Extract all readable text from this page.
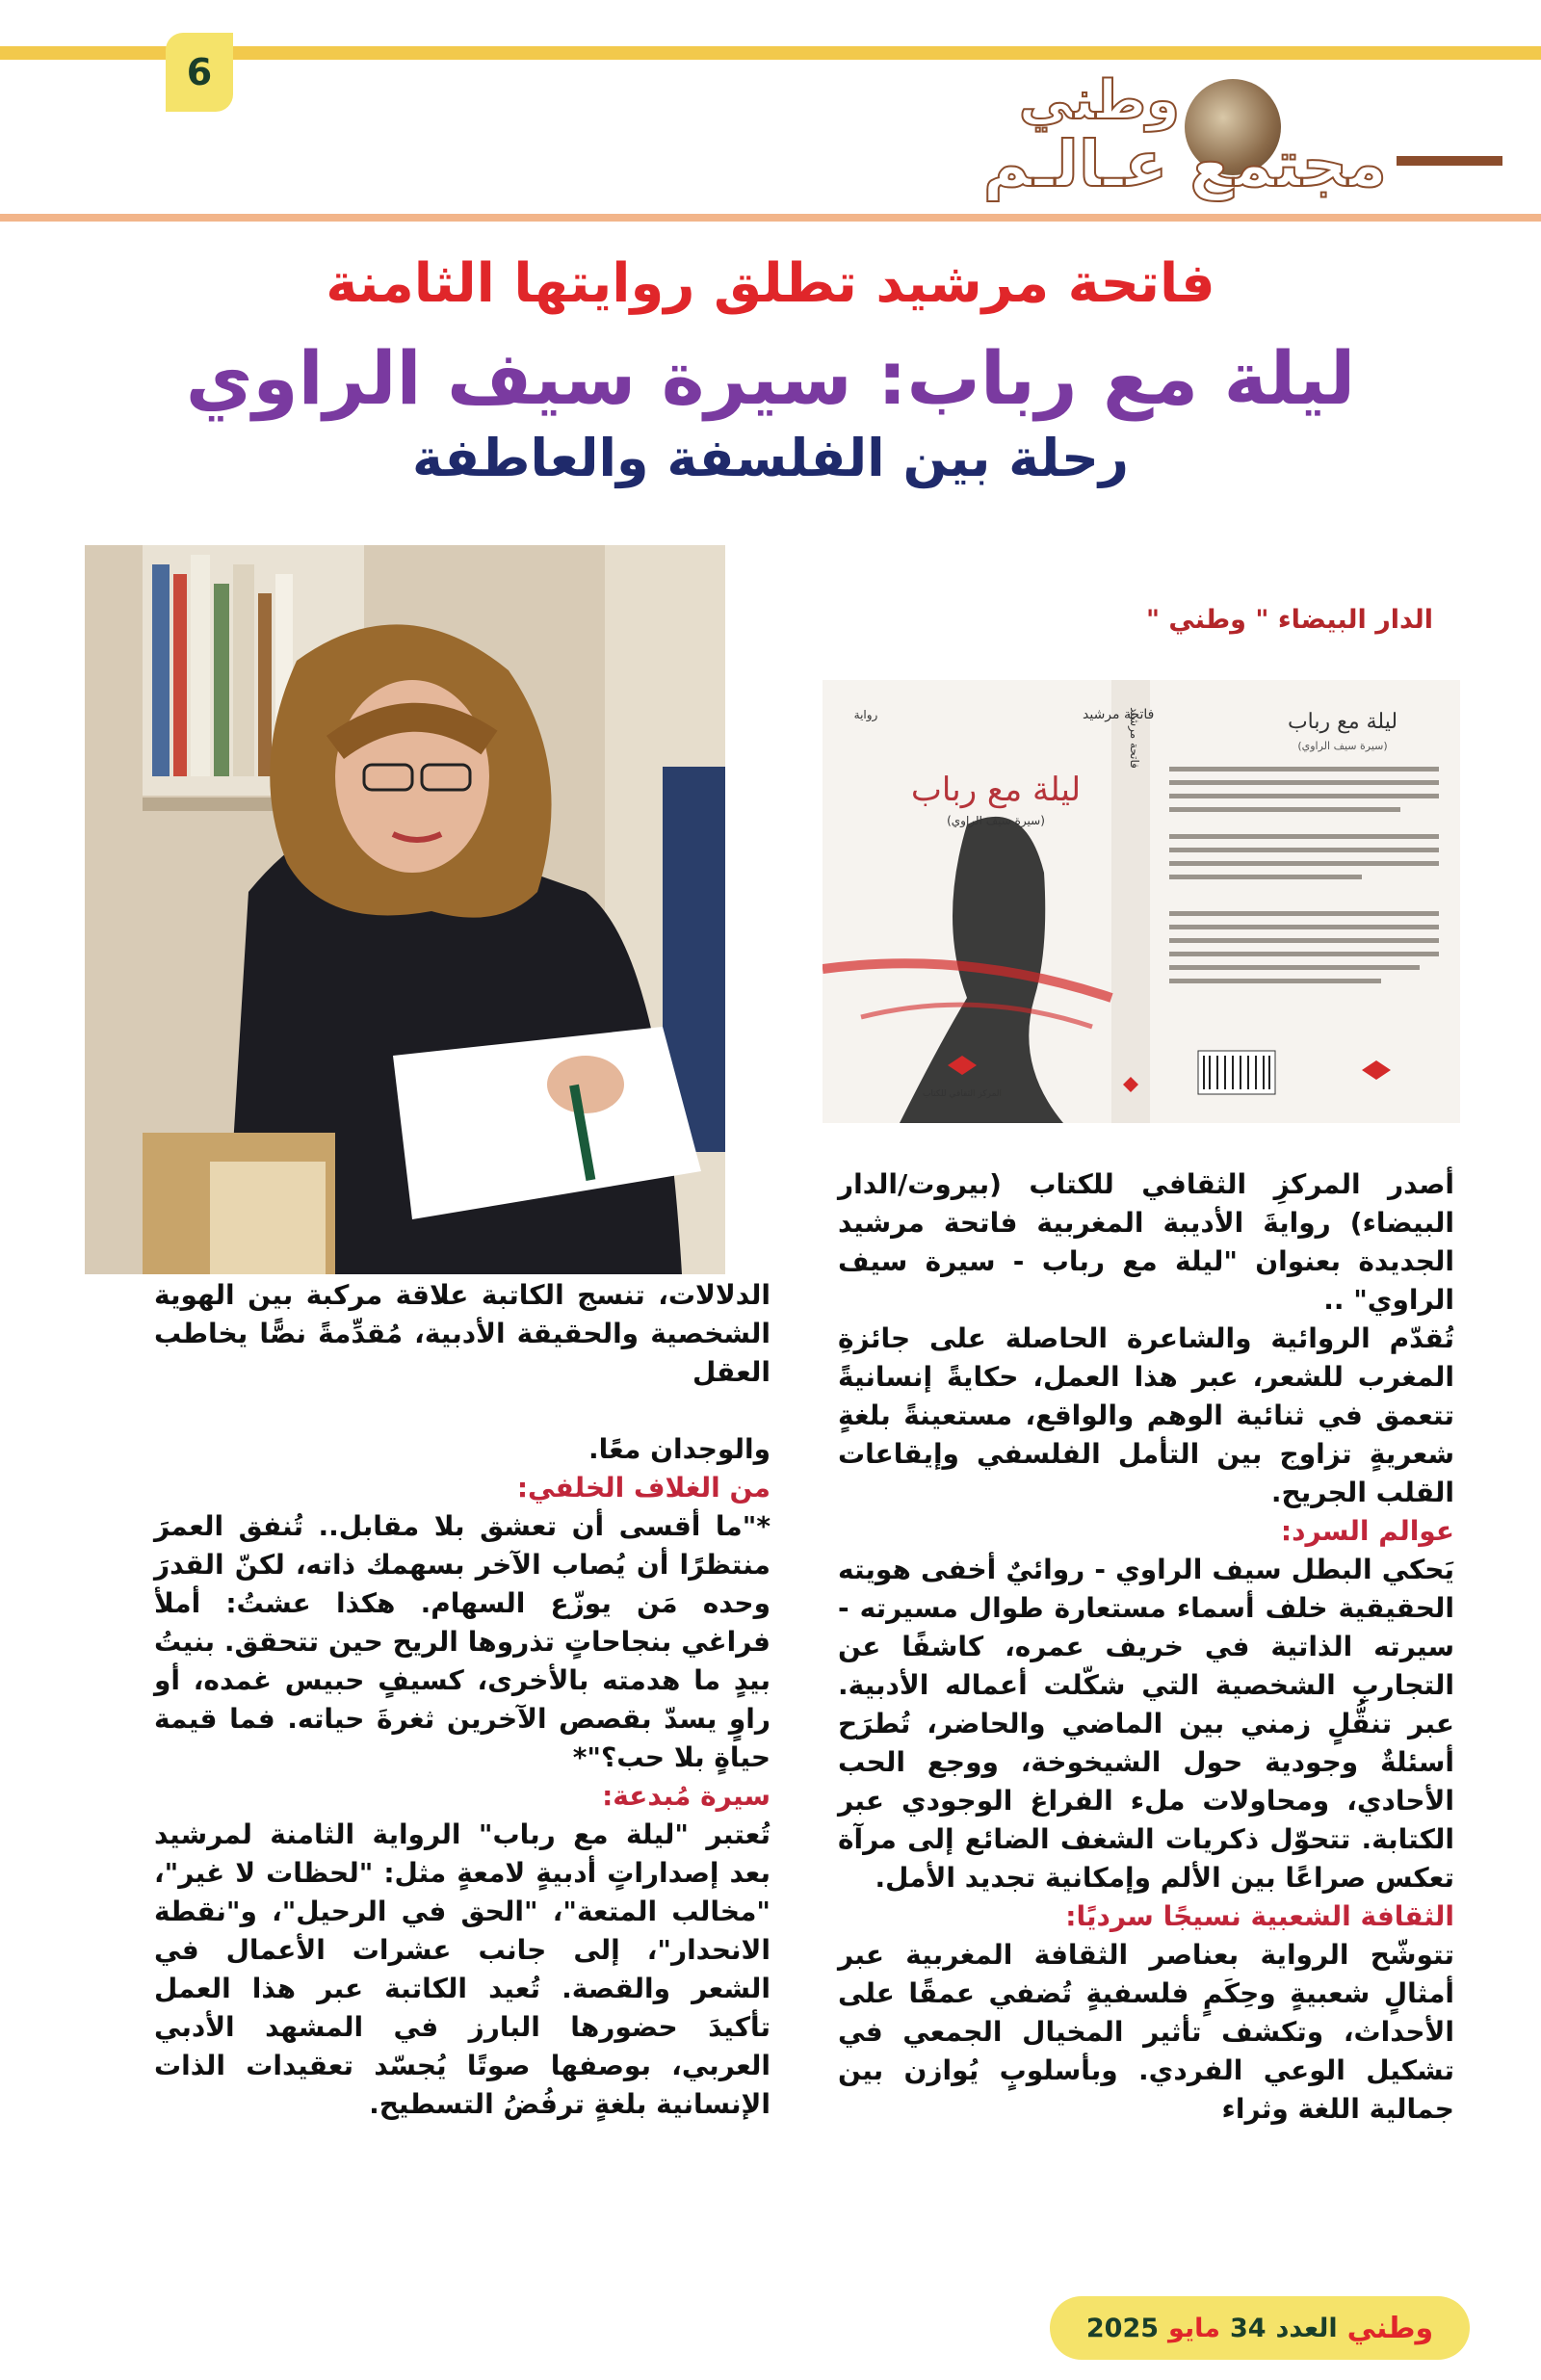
6	وطني
مجتمع عـالـم
فاتحة مرشيد تطلق روايتها الثامنة
ليلة مع رباب: سيرة سيف الراوي
رحلة بين الفلسفة والعاطفة
الدار البيضاء " وطني "
فاتحة مرشيد
رواية
ليلة مع رباب
(سيرة سيف الراوي)
فاتحة مرشيد	ليلة مع رباب
(سيرة سيف الراوي)
المركز الثقافي للكتاب

أصدر المركزِ الثقافي للكتاب (بيروت/الدار البيضاء) روايةَ الأديبة المغربية فاتحة مرشيد الجديدة بعنوان "ليلة مع رباب - سيرة سيف الراوي" ..

تُقدّم الروائية والشاعرة الحاصلة على جائزةِ المغرب للشعر، عبر هذا العمل، حكايةً إنسانيةً تتعمق في ثنائية الوهم والواقع، مستعينةً بلغةٍ شعريةٍ تزاوج بين التأمل الفلسفي وإيقاعات القلب الجريح.

عوالم السرد:

يَحكي البطل سيف الراوي - روائيٌ أخفى هويته الحقيقية خلف أسماء مستعارة طوال مسيرته - سيرته الذاتية في خريف عمره، كاشفًا عن التجاربِ الشخصية التي شكّلت أعماله الأدبية. عبر تنقُّلٍ زمني بين الماضي والحاضر، تُطرَح أسئلةٌ وجودية حول الشيخوخة، ووجع الحب الأحادي، ومحاولات ملء الفراغ الوجودي عبر الكتابة. تتحوّل ذكريات الشغف الضائع إلى مرآة تعكس صراعًا بين الألم وإمكانية تجديد الأمل.

الثقافة الشعبية نسيجًا سرديًا:

تتوشّح الرواية بعناصر الثقافة المغربية عبر أمثالٍ شعبيةٍ وحِكَمٍ فلسفيةٍ تُضفي عمقًا على الأحداث، وتكشف تأثير المخيال الجمعي في تشكيل الوعي الفردي. وبأسلوبٍ يُوازن بين جمالية اللغة وثراء

الدلالات، تنسج الكاتبة علاقة مركبة بين الهوية الشخصية والحقيقة الأدبية، مُقدِّمةً نصًّا يخاطب العقل

والوجدان معًا.

من الغلاف الخلفي:

*"ما أقسى أن تعشق بلا مقابل.. تُنفق العمرَ منتظرًا أن يُصاب الآخر بسهمك ذاته، لكنّ القدرَ وحده مَن يوزّع السهام. هكذا عشتُ: أملأ فراغي بنجاحاتٍ تذروها الريح حين تتحقق. بنيتُ بيدٍ ما هدمته بالأخرى، كسيفٍ حبيس غمده، أو راوٍ يسدّ بقصص الآخرين ثغرةَ حياته. فما قيمة حياةٍ بلا حب؟"*

سيرة مُبدعة:

تُعتبر "ليلة مع رباب" الرواية الثامنة لمرشيد بعد إصداراتٍ أدبيةٍ لامعةٍ مثل: "لحظات لا غير"، "مخالب المتعة"، "الحق في الرحيل"، و"نقطة الانحدار"، إلى جانب عشرات الأعمال في الشعر والقصة. تُعيد الكاتبة عبر هذا العمل تأكيدَ حضورها البارز في المشهد الأدبي العربي، بوصفها صوتًا يُجسّد تعقيدات الذات الإنسانية بلغةٍ ترفُضُ التسطيح.

وطني
العدد
34
مايو
2025
